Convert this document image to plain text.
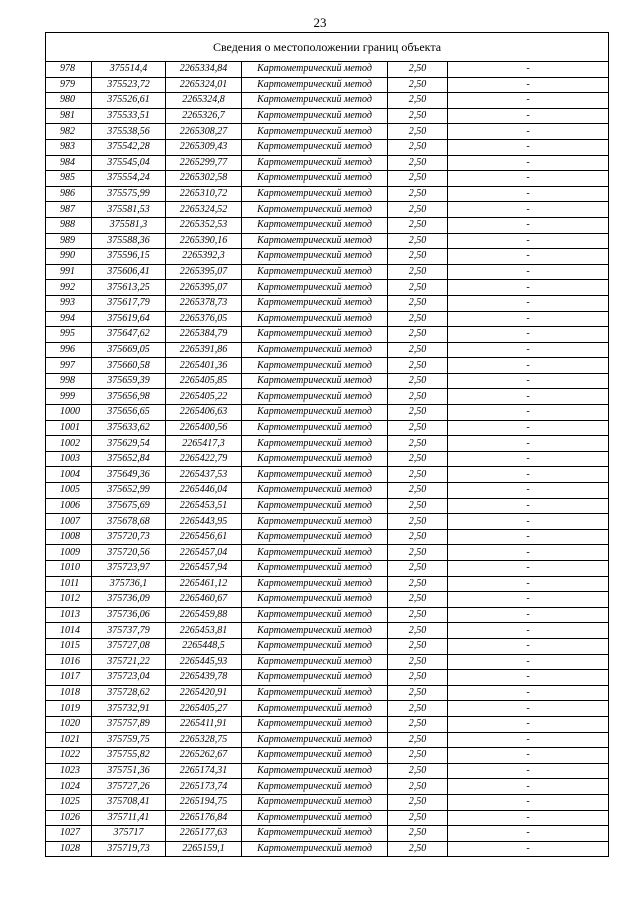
23
Сведения о местоположении границ объекта					
978	375514,4	2265334,84	Картометрический метод	2,50	-
979	375523,72	2265324,01	Картометрический метод	2,50	-
980	375526,61	2265324,8	Картометрический метод	2,50	-
981	375533,51	2265326,7	Картометрический метод	2,50	-
982	375538,56	2265308,27	Картометрический метод	2,50	-
983	375542,28	2265309,43	Картометрический метод	2,50	-
984	375545,04	2265299,77	Картометрический метод	2,50	-
985	375554,24	2265302,58	Картометрический метод	2,50	-
986	375575,99	2265310,72	Картометрический метод	2,50	-
987	375581,53	2265324,52	Картометрический метод	2,50	-
988	375581,3	2265352,53	Картометрический метод	2,50	-
989	375588,36	2265390,16	Картометрический метод	2,50	-
990	375596,15	2265392,3	Картометрический метод	2,50	-
991	375606,41	2265395,07	Картометрический метод	2,50	-
992	375613,25	2265395,07	Картометрический метод	2,50	-
993	375617,79	2265378,73	Картометрический метод	2,50	-
994	375619,64	2265376,05	Картометрический метод	2,50	-
995	375647,62	2265384,79	Картометрический метод	2,50	-
996	375669,05	2265391,86	Картометрический метод	2,50	-
997	375660,58	2265401,36	Картометрический метод	2,50	-
998	375659,39	2265405,85	Картометрический метод	2,50	-
999	375656,98	2265405,22	Картометрический метод	2,50	-
1000	375656,65	2265406,63	Картометрический метод	2,50	-
1001	375633,62	2265400,56	Картометрический метод	2,50	-
1002	375629,54	2265417,3	Картометрический метод	2,50	-
1003	375652,84	2265422,79	Картометрический метод	2,50	-
1004	375649,36	2265437,53	Картометрический метод	2,50	-
1005	375652,99	2265446,04	Картометрический метод	2,50	-
1006	375675,69	2265453,51	Картометрический метод	2,50	-
1007	375678,68	2265443,95	Картометрический метод	2,50	-
1008	375720,73	2265456,61	Картометрический метод	2,50	-
1009	375720,56	2265457,04	Картометрический метод	2,50	-
1010	375723,97	2265457,94	Картометрический метод	2,50	-
1011	375736,1	2265461,12	Картометрический метод	2,50	-
1012	375736,09	2265460,67	Картометрический метод	2,50	-
1013	375736,06	2265459,88	Картометрический метод	2,50	-
1014	375737,79	2265453,81	Картометрический метод	2,50	-
1015	375727,08	2265448,5	Картометрический метод	2,50	-
1016	375721,22	2265445,93	Картометрический метод	2,50	-
1017	375723,04	2265439,78	Картометрический метод	2,50	-
1018	375728,62	2265420,91	Картометрический метод	2,50	-
1019	375732,91	2265405,27	Картометрический метод	2,50	-
1020	375757,89	2265411,91	Картометрический метод	2,50	-
1021	375759,75	2265328,75	Картометрический метод	2,50	-
1022	375755,82	2265262,67	Картометрический метод	2,50	-
1023	375751,36	2265174,31	Картометрический метод	2,50	-
1024	375727,26	2265173,74	Картометрический метод	2,50	-
1025	375708,41	2265194,75	Картометрический метод	2,50	-
1026	375711,41	2265176,84	Картометрический метод	2,50	-
1027	375717	2265177,63	Картометрический метод	2,50	-
1028	375719,73	2265159,1	Картометрический метод	2,50	-
